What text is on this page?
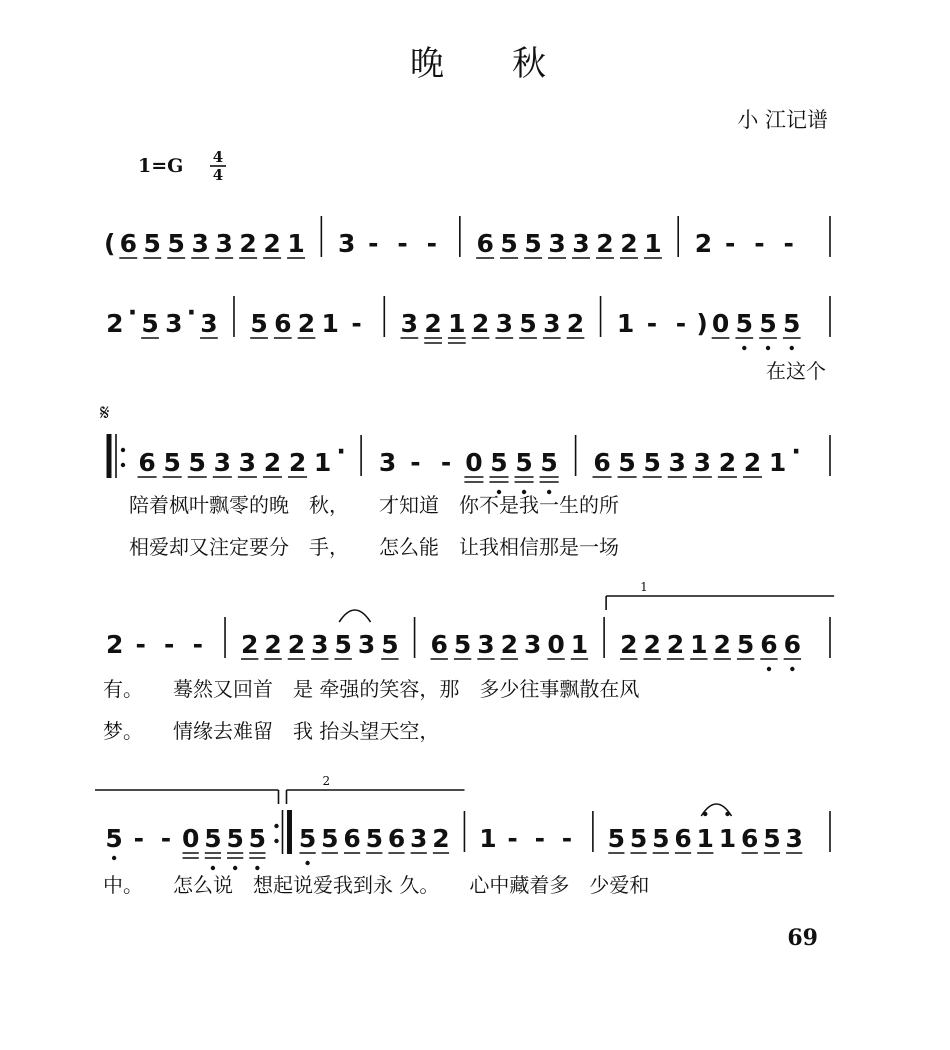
晚　　秋
小 江记谱
1=G 4
4
𝄋
69
( 6 5 5 3 3 2 2 1 3 - - - 6 5 5 3 3 2 2 1 2 - - -
2 · 5 3 · 3 5 6 2 1 - 3 2 1 2 3 5 3 2 1 - - ) 0 5 5 5
在这个
6 5 5 3 3 2 2 1 · 3 - - 0 5 5 5 6 5 5 3 3 2 2 1 ·
陪着枫叶飘零的晚　秋，　　才知道　你不是我一生的所
相爱却又注定要分　手，　　怎么能　让我相信那是一场
2 - - - 2 2 2 3 5 3 5 6 5 3 2 3 0 1
1
2 2 2 1 2 5 6 6
有。　　蓦然又回首　是 牵强的笑容，那　多少往事飘散在风
梦。　　情缘去难留　我 抬头望天空，
5 - - 0 5 5 5
2
5 5 6 5 6 3 2 1 - - - 5 5 5 6 1 1 6 5 3
中。　　怎么说　想起说爱我到永 久。　　心中藏着多　少爱和
